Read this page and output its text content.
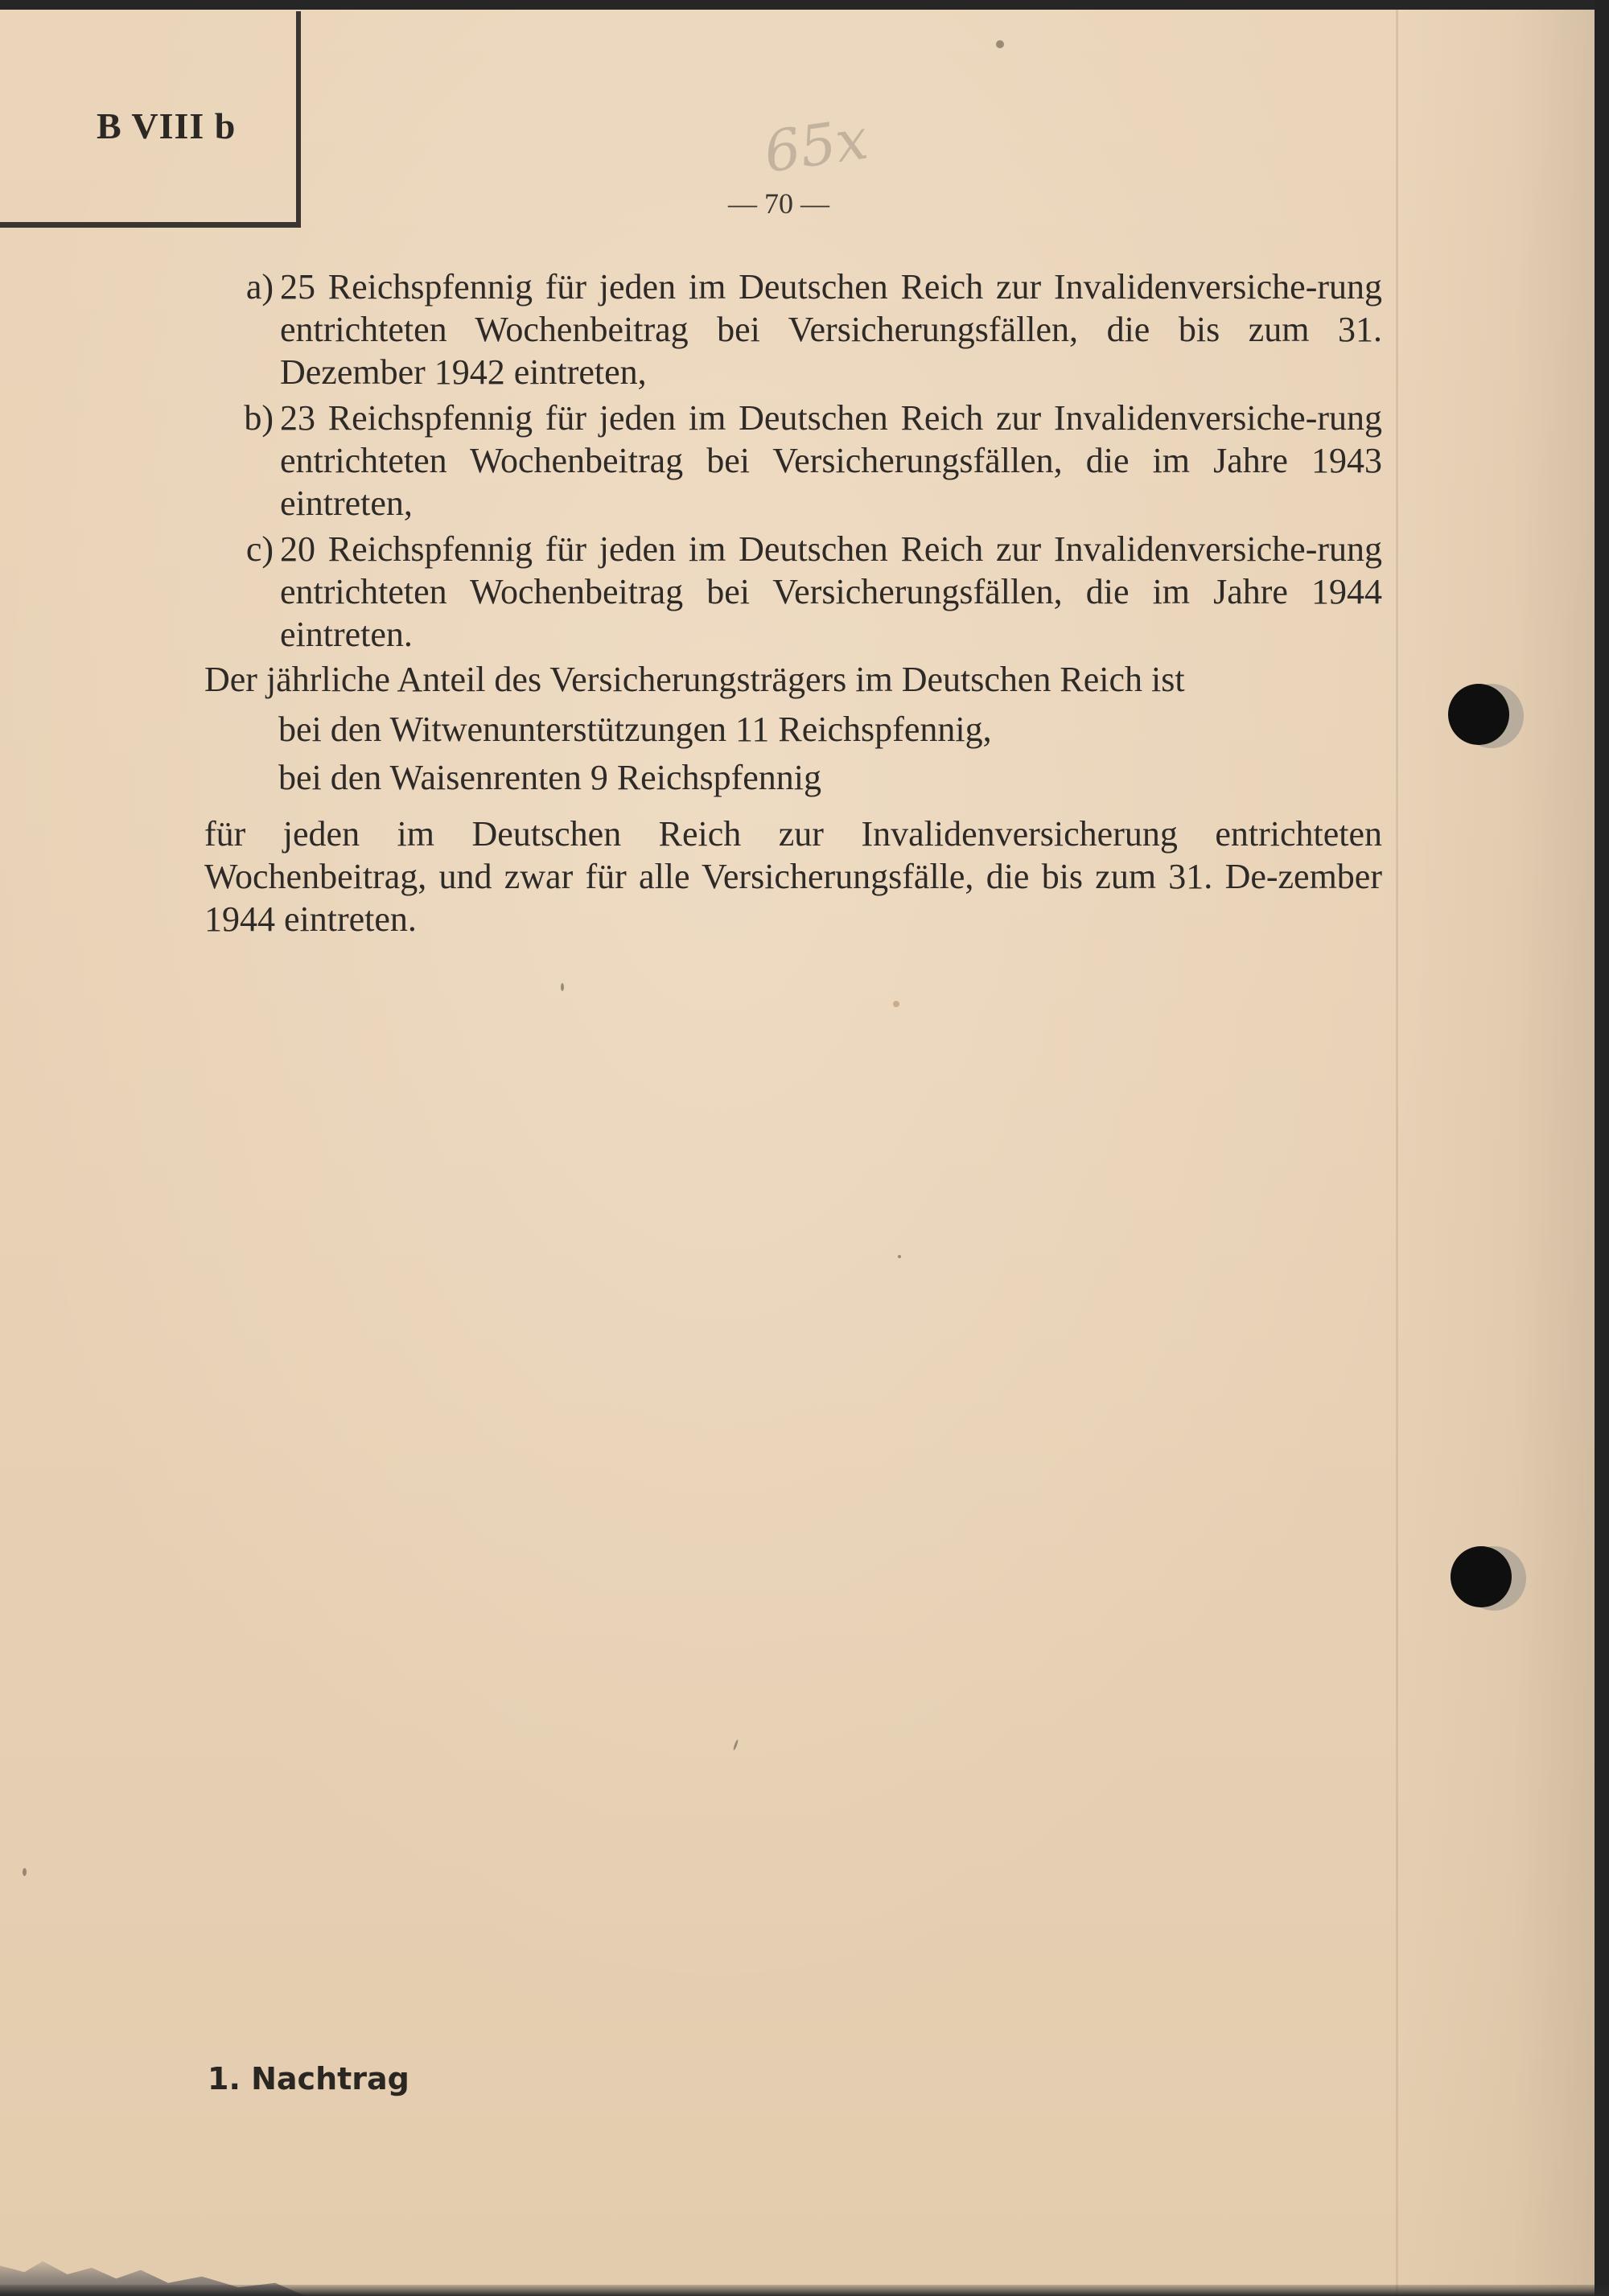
B VIII b	65x
— 70 —
a) 25 Reichspfennig für jeden im Deutschen Reich zur Invalidenversiche-rung entrichteten Wochenbeitrag bei Versicherungsfällen, die bis zum 31. Dezember 1942 eintreten,
b) 23 Reichspfennig für jeden im Deutschen Reich zur Invalidenversiche-rung entrichteten Wochenbeitrag bei Versicherungsfällen, die im Jahre 1943 eintreten,
c) 20 Reichspfennig für jeden im Deutschen Reich zur Invalidenversiche-rung entrichteten Wochenbeitrag bei Versicherungsfällen, die im Jahre 1944 eintreten.
Der jährliche Anteil des Versicherungsträgers im Deutschen Reich ist
bei den Witwenunterstützungen 11 Reichspfennig,
bei den Waisenrenten 9 Reichspfennig
für jeden im Deutschen Reich zur Invalidenversicherung entrichteten Wochenbeitrag, und zwar für alle Versicherungsfälle, die bis zum 31. De-zember 1944 eintreten.
1. Nachtrag
